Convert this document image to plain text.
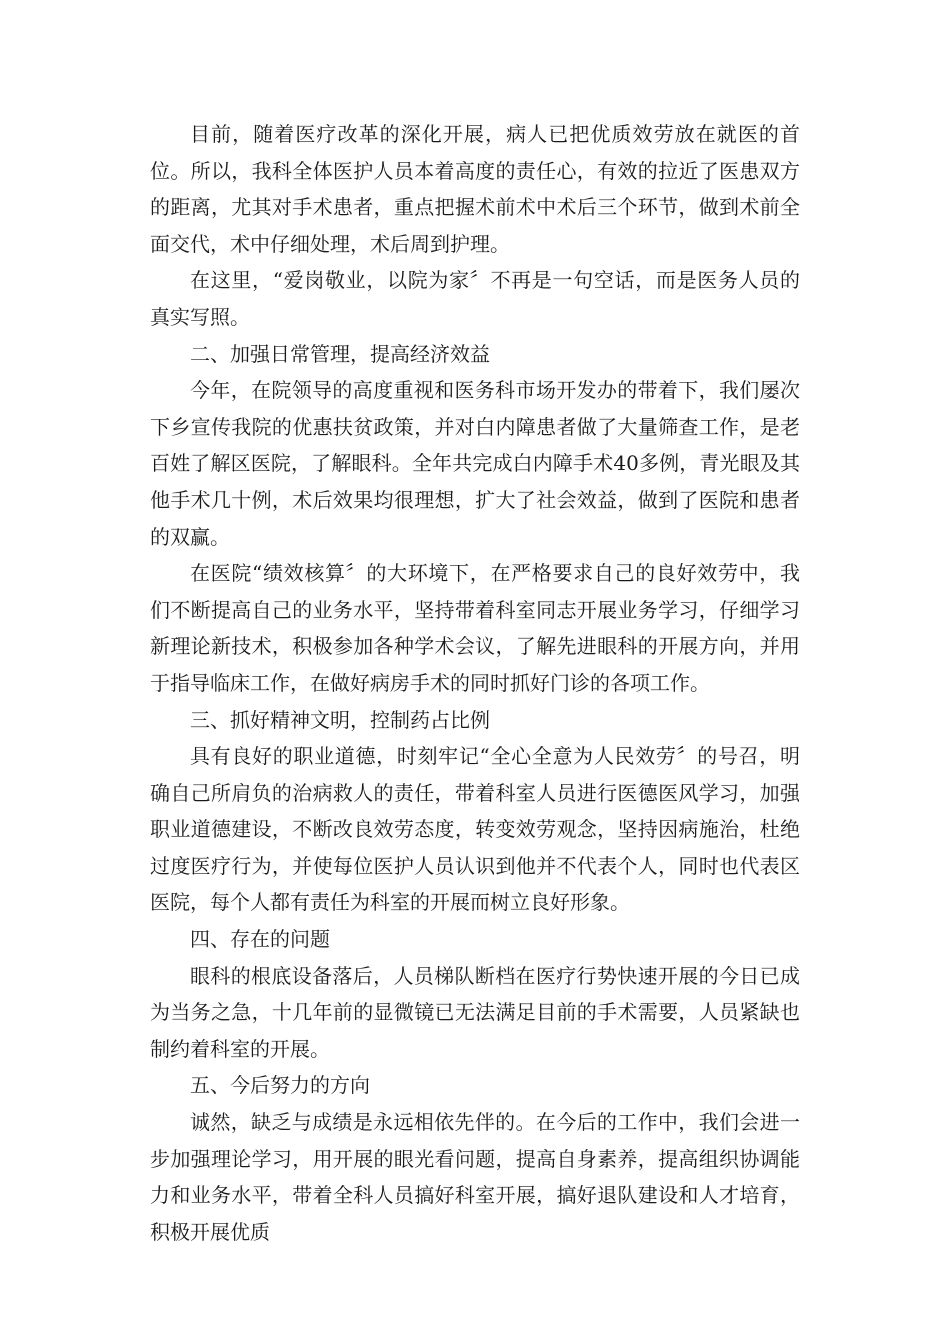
目前，随着医疗改革的深化开展，病人已把优质效劳放在就医的首位。所以，我科全体医护人员本着高度的责任心，有效的拉近了医患双方的距离，尤其对手术患者，重点把握术前术中术后三个环节，做到术前全面交代，术中仔细处理，术后周到护理。

在这里，“爱岗敬业，以院为家〞不再是一句空话，而是医务人员的真实写照。

二、加强日常管理，提高经济效益

今年，在院领导的高度重视和医务科市场开发办的带着下，我们屡次下乡宣传我院的优惠扶贫政策，并对白内障患者做了大量筛查工作，是老百姓了解区医院，了解眼科。全年共完成白内障手术40多例，青光眼及其他手术几十例，术后效果均很理想，扩大了社会效益，做到了医院和患者的双赢。

在医院“绩效核算〞的大环境下，在严格要求自己的良好效劳中，我们不断提高自己的业务水平，坚持带着科室同志开展业务学习，仔细学习新理论新技术，积极参加各种学术会议，了解先进眼科的开展方向，并用于指导临床工作，在做好病房手术的同时抓好门诊的各项工作。

三、抓好精神文明，控制药占比例

具有良好的职业道德，时刻牢记“全心全意为人民效劳〞的号召，明确自己所肩负的治病救人的责任，带着科室人员进行医德医风学习，加强职业道德建设，不断改良效劳态度，转变效劳观念，坚持因病施治，杜绝过度医疗行为，并使每位医护人员认识到他并不代表个人，同时也代表区医院，每个人都有责任为科室的开展而树立良好形象。

四、存在的问题

眼科的根底设备落后，人员梯队断档在医疗行势快速开展的今日已成为当务之急，十几年前的显微镜已无法满足目前的手术需要，人员紧缺也制约着科室的开展。

五、今后努力的方向

诚然，缺乏与成绩是永远相依先伴的。在今后的工作中，我们会进一步加强理论学习，用开展的眼光看问题，提高自身素养，提高组织协调能力和业务水平，带着全科人员搞好科室开展，搞好退队建设和人才培育，积极开展优质
